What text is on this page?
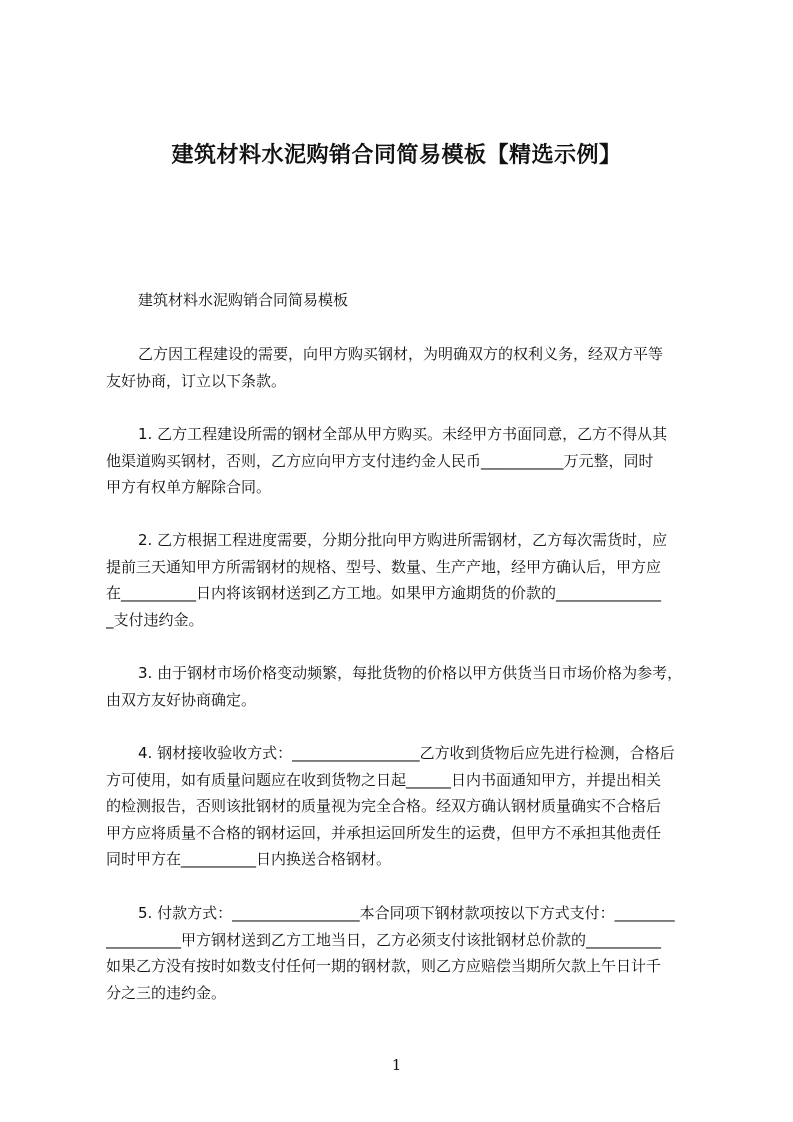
建筑材料水泥购销合同简易模板【精选示例】
建筑材料水泥购销合同简易模板
乙方因工程建设的需要，向甲方购买钢材，为明确双方的权利义务，经双方平等
友好协商，订立以下条款。
1. 乙方工程建设所需的钢材全部从甲方购买。未经甲方书面同意，乙方不得从其
他渠道购买钢材，否则，乙方应向甲方支付违约金人民币___________万元整，同时
甲方有权单方解除合同。
2. 乙方根据工程进度需要，分期分批向甲方购进所需钢材，乙方每次需货时，应
提前三天通知甲方所需钢材的规格、型号、数量、生产产地，经甲方确认后，甲方应
在__________日内将该钢材送到乙方工地。如果甲方逾期货的价款的______________
_支付违约金。
3. 由于钢材市场价格变动频繁，每批货物的价格以甲方供货当日市场价格为参考，
由双方友好协商确定。
4. 钢材接收验收方式：_________________乙方收到货物后应先进行检测，合格后
方可使用，如有质量问题应在收到货物之日起______日内书面通知甲方，并提出相关
的检测报告，否则该批钢材的质量视为完全合格。经双方确认钢材质量确实不合格后
甲方应将质量不合格的钢材运回，并承担运回所发生的运费，但甲方不承担其他责任
同时甲方在__________日内换送合格钢材。
5. 付款方式：_________________本合同项下钢材款项按以下方式支付：________
__________甲方钢材送到乙方工地当日，乙方必须支付该批钢材总价款的__________
如果乙方没有按时如数支付任何一期的钢材款，则乙方应赔偿当期所欠款上午日计千
分之三的违约金。
1
